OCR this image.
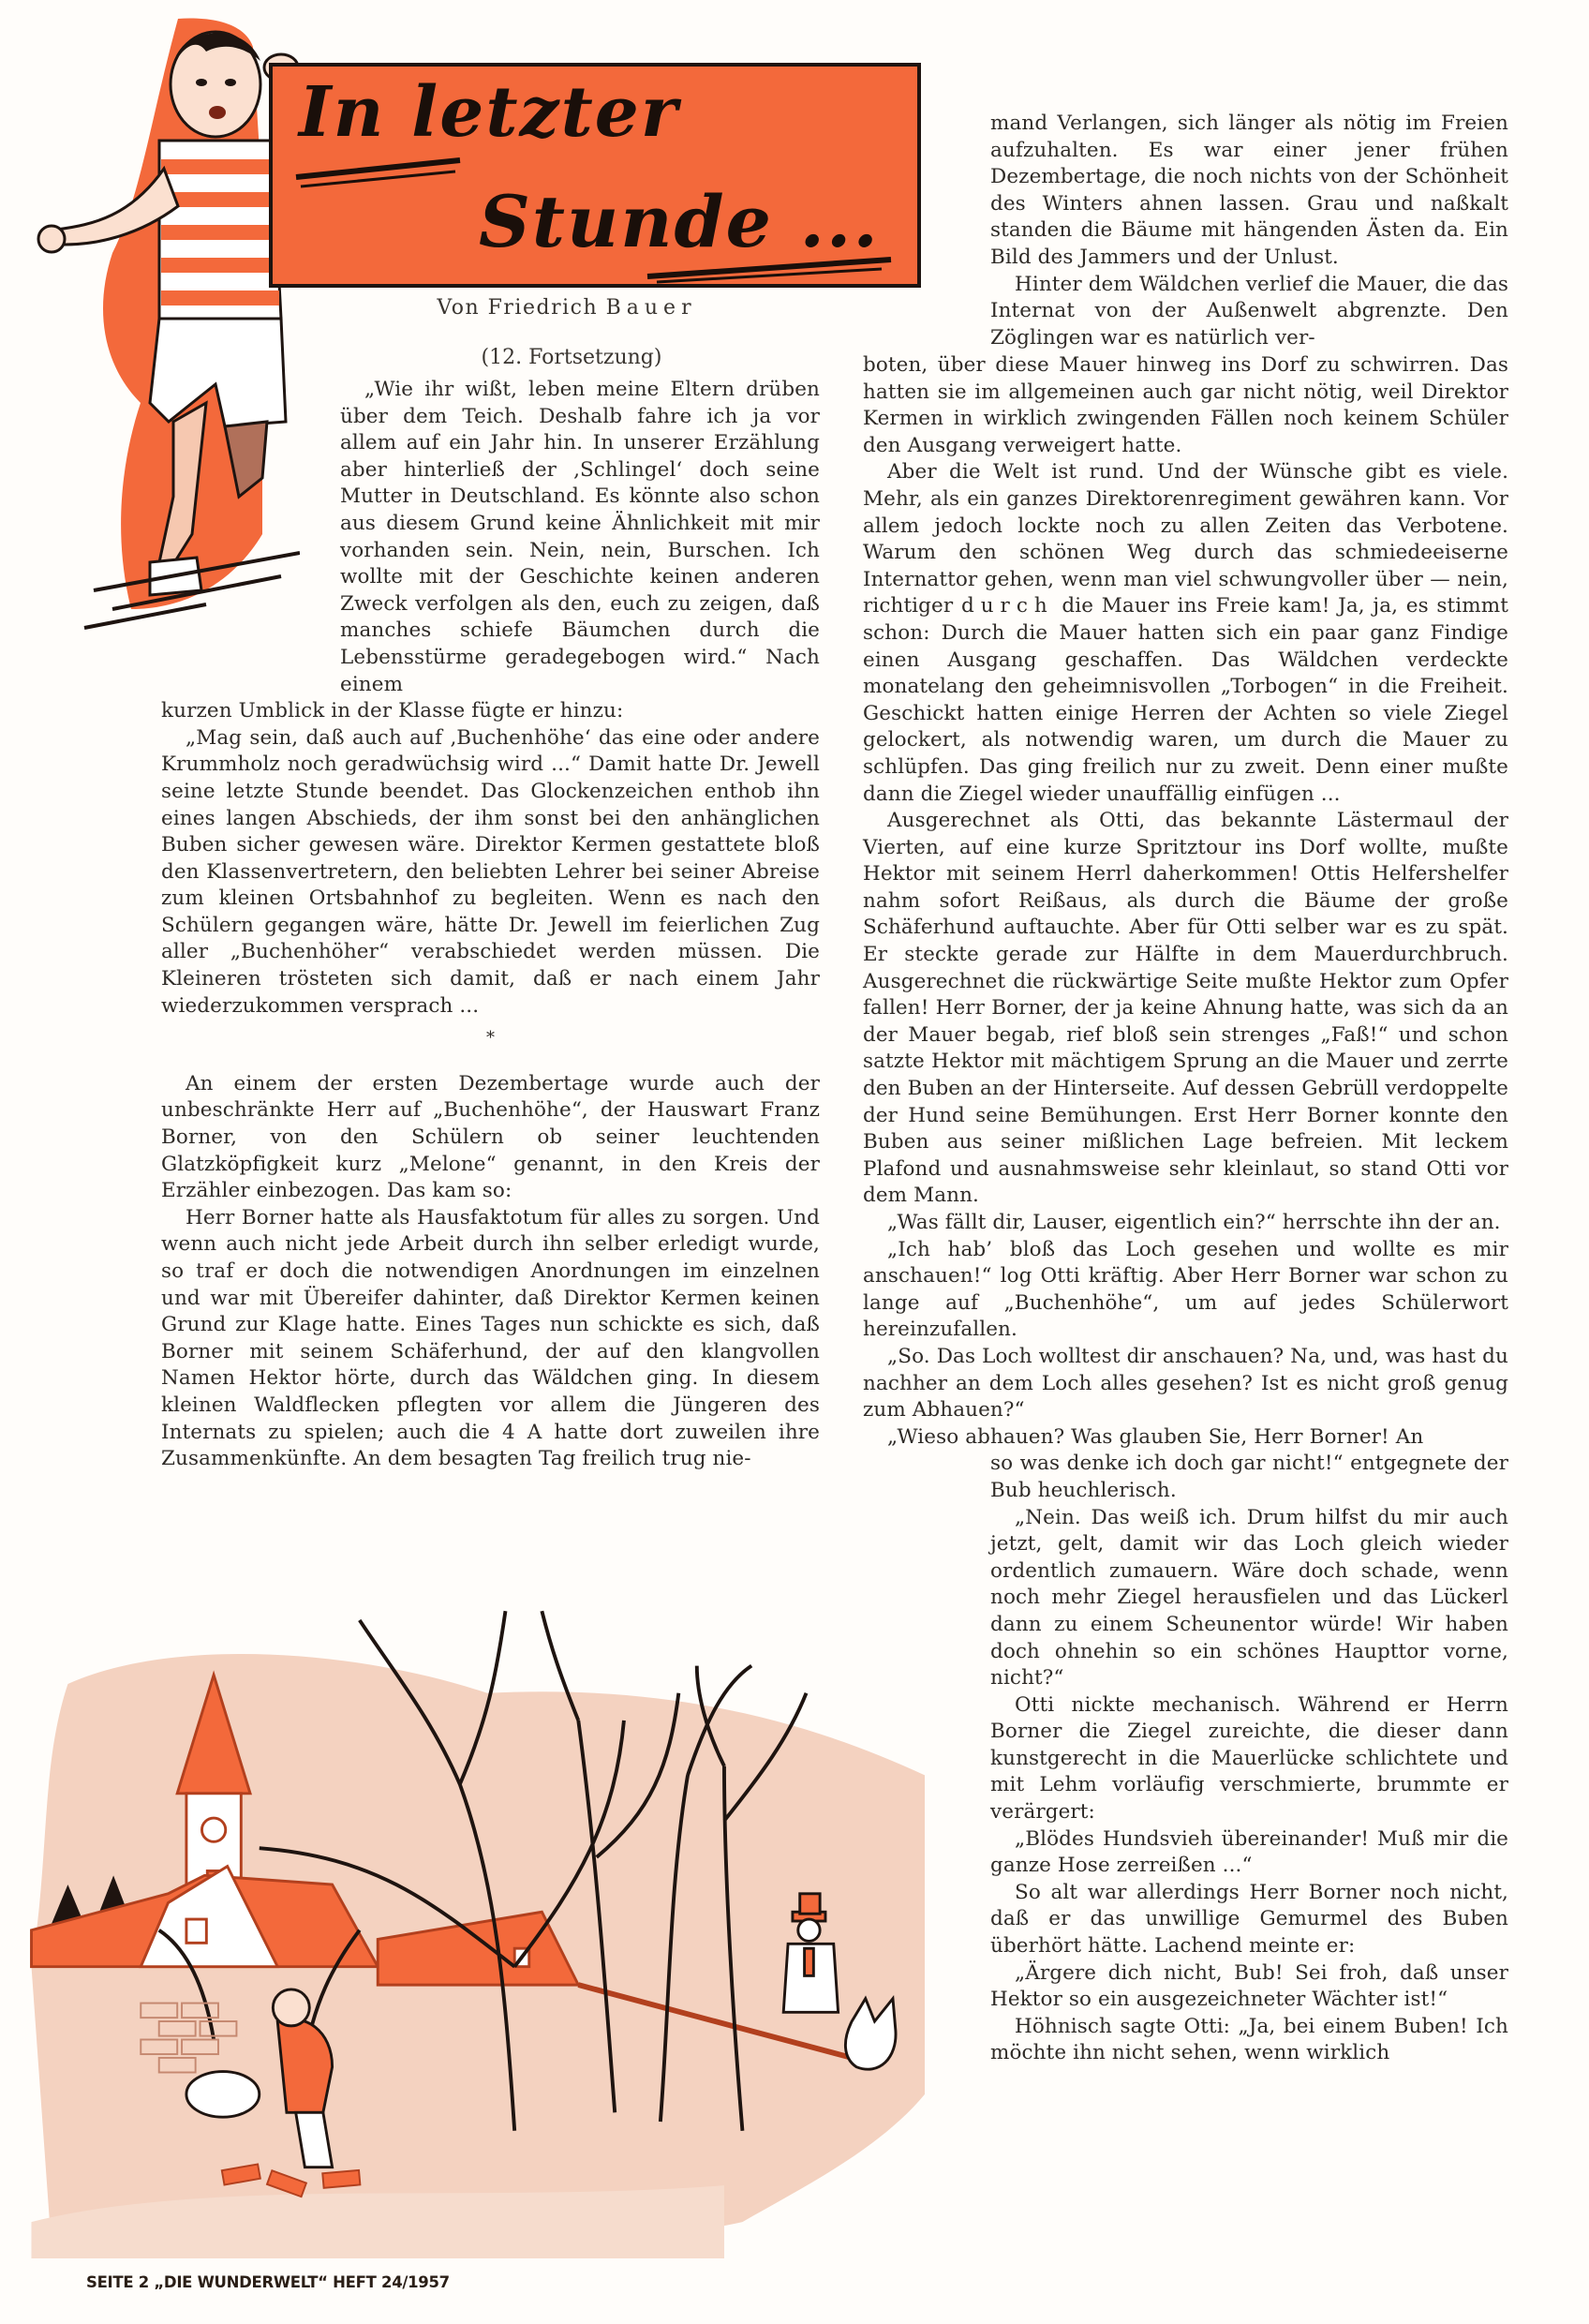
In letzter
Stunde ...
Von Friedrich Bauer
(12. Fortsetzung)

„Wie ihr wißt, leben meine Eltern drüben über dem Teich. Deshalb fahre ich ja vor allem auf ein Jahr hin. In unserer Erzählung aber hinterließ der ‚Schlingel‘ doch seine Mutter in Deutschland. Es könnte also schon aus diesem Grund keine Ähnlichkeit mit mir vorhanden sein. Nein, nein, Burschen. Ich wollte mit der Geschichte keinen anderen Zweck verfolgen als den, euch zu zeigen, daß manches schiefe Bäumchen durch die Lebensstürme geradegebogen wird.“ Nach einem

kurzen Umblick in der Klasse fügte er hinzu:

„Mag sein, daß auch auf ‚Buchenhöhe‘ das eine oder andere Krummholz noch geradwüchsig wird ...“ Damit hatte Dr. Jewell seine letzte Stunde beendet. Das Glockenzeichen enthob ihn eines langen Abschieds, der ihm sonst bei den anhänglichen Buben sicher gewesen wäre. Direktor Kermen gestattete bloß den Klassenvertretern, den beliebten Lehrer bei seiner Abreise zum kleinen Ortsbahnhof zu begleiten. Wenn es nach den Schülern gegangen wäre, hätte Dr. Jewell im feierlichen Zug aller „Buchenhöher“ verabschiedet werden müssen. Die Kleineren trösteten sich damit, daß er nach einem Jahr wiederzukommen versprach ...

*

An einem der ersten Dezembertage wurde auch der unbeschränkte Herr auf „Buchenhöhe“, der Hauswart Franz Borner, von den Schülern ob seiner leuchtenden Glatzköpfigkeit kurz „Melone“ genannt, in den Kreis der Erzähler einbezogen. Das kam so:

Herr Borner hatte als Hausfaktotum für alles zu sorgen. Und wenn auch nicht jede Arbeit durch ihn selber erledigt wurde, so traf er doch die notwendigen Anordnungen im einzelnen und war mit Übereifer dahinter, daß Direktor Kermen keinen Grund zur Klage hatte. Eines Tages nun schickte es sich, daß Borner mit seinem Schäferhund, der auf den klangvollen Namen Hektor hörte, durch das Wäldchen ging. In diesem kleinen Waldflecken pflegten vor allem die Jüngeren des Internats zu spielen; auch die 4 A hatte dort zuweilen ihre Zusammenkünfte. An dem besagten Tag freilich trug nie-

mand Verlangen, sich länger als nötig im Freien aufzuhalten. Es war einer jener frühen Dezembertage, die noch nichts von der Schönheit des Winters ahnen lassen. Grau und naßkalt standen die Bäume mit hängenden Ästen da. Ein Bild des Jammers und der Unlust.

Hinter dem Wäldchen verlief die Mauer, die das Internat von der Außenwelt abgrenzte. Den Zöglingen war es natürlich ver-

boten, über diese Mauer hinweg ins Dorf zu schwirren. Das hatten sie im allgemeinen auch gar nicht nötig, weil Direktor Kermen in wirklich zwingenden Fällen noch keinem Schüler den Ausgang verweigert hatte.

Aber die Welt ist rund. Und der Wünsche gibt es viele. Mehr, als ein ganzes Direktorenregiment gewähren kann. Vor allem jedoch lockte noch zu allen Zeiten das Verbotene. Warum den schönen Weg durch das schmiedeeiserne Internattor gehen, wenn man viel schwungvoller über — nein, richtiger durch die Mauer ins Freie kam! Ja, ja, es stimmt schon: Durch die Mauer hatten sich ein paar ganz Findige einen Ausgang geschaffen. Das Wäldchen verdeckte monatelang den geheimnisvollen „Torbogen“ in die Freiheit. Geschickt hatten einige Herren der Achten so viele Ziegel gelockert, als notwendig waren, um durch die Mauer zu schlüpfen. Das ging freilich nur zu zweit. Denn einer mußte dann die Ziegel wieder unauffällig einfügen ...

Ausgerechnet als Otti, das bekannte Lästermaul der Vierten, auf eine kurze Spritztour ins Dorf wollte, mußte Hektor mit seinem Herrl daherkommen! Ottis Helfershelfer nahm sofort Reißaus, als durch die Bäume der große Schäferhund auftauchte. Aber für Otti selber war es zu spät. Er steckte gerade zur Hälfte in dem Mauerdurchbruch. Ausgerechnet die rückwärtige Seite mußte Hektor zum Opfer fallen! Herr Borner, der ja keine Ahnung hatte, was sich da an der Mauer begab, rief bloß sein strenges „Faß!“ und schon satzte Hektor mit mächtigem Sprung an die Mauer und zerrte den Buben an der Hinterseite. Auf dessen Gebrüll verdoppelte der Hund seine Bemühungen. Erst Herr Borner konnte den Buben aus seiner mißlichen Lage befreien. Mit leckem Plafond und ausnahmsweise sehr kleinlaut, so stand Otti vor dem Mann.

„Was fällt dir, Lauser, eigentlich ein?“ herrschte ihn der an.

„Ich hab’ bloß das Loch gesehen und wollte es mir anschauen!“ log Otti kräftig. Aber Herr Borner war schon zu lange auf „Buchenhöhe“, um auf jedes Schülerwort hereinzufallen.

„So. Das Loch wolltest dir anschauen? Na, und, was hast du nachher an dem Loch alles gesehen? Ist es nicht groß genug zum Abhauen?“

„Wieso abhauen? Was glauben Sie, Herr Borner! An

so was denke ich doch gar nicht!“ entgegnete der Bub heuchlerisch.

„Nein. Das weiß ich. Drum hilfst du mir auch jetzt, gelt, damit wir das Loch gleich wieder ordentlich zumauern. Wäre doch schade, wenn noch mehr Ziegel herausfielen und das Lückerl dann zu einem Scheunentor würde! Wir haben doch ohnehin so ein schönes Haupttor vorne, nicht?“

Otti nickte mechanisch. Während er Herrn Borner die Ziegel zureichte, die dieser dann kunstgerecht in die Mauerlücke schlichtete und mit Lehm vorläufig verschmierte, brummte er verärgert:

„Blödes Hundsvieh übereinander! Muß mir die ganze Hose zerreißen ...“

So alt war allerdings Herr Borner noch nicht, daß er das unwillige Gemurmel des Buben überhört hätte. Lachend meinte er:

„Ärgere dich nicht, Bub! Sei froh, daß unser Hektor so ein ausgezeichneter Wächter ist!“

Höhnisch sagte Otti: „Ja, bei einem Buben! Ich möchte ihn nicht sehen, wenn wirklich

SEITE 2 „DIE WUNDERWELT“ HEFT 24/1957
